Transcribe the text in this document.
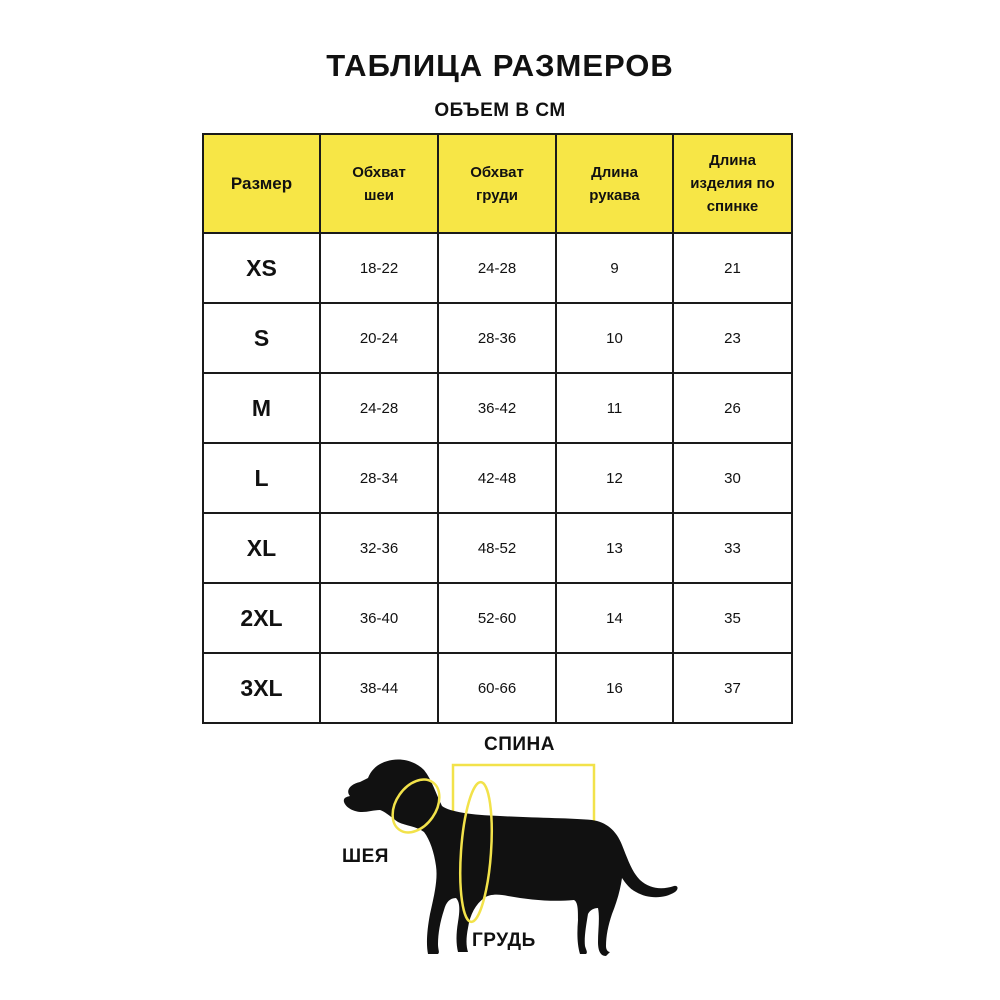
ТАБЛИЦА РАЗМЕРОВ
ОБЪЕМ В СМ
Размер	Обхват шеи	Обхват груди	Длина рукава	Длина изделия по спинке

XS	18-22	24-28	9	21
S	20-24	28-36	10	23
M	24-28	36-42	11	26
L	28-34	42-48	12	30
XL	32-36	48-52	13	33
2XL	36-40	52-60	14	35
3XL	38-44	60-66	16	37
СПИНА
ШЕЯ
ГРУДЬ
